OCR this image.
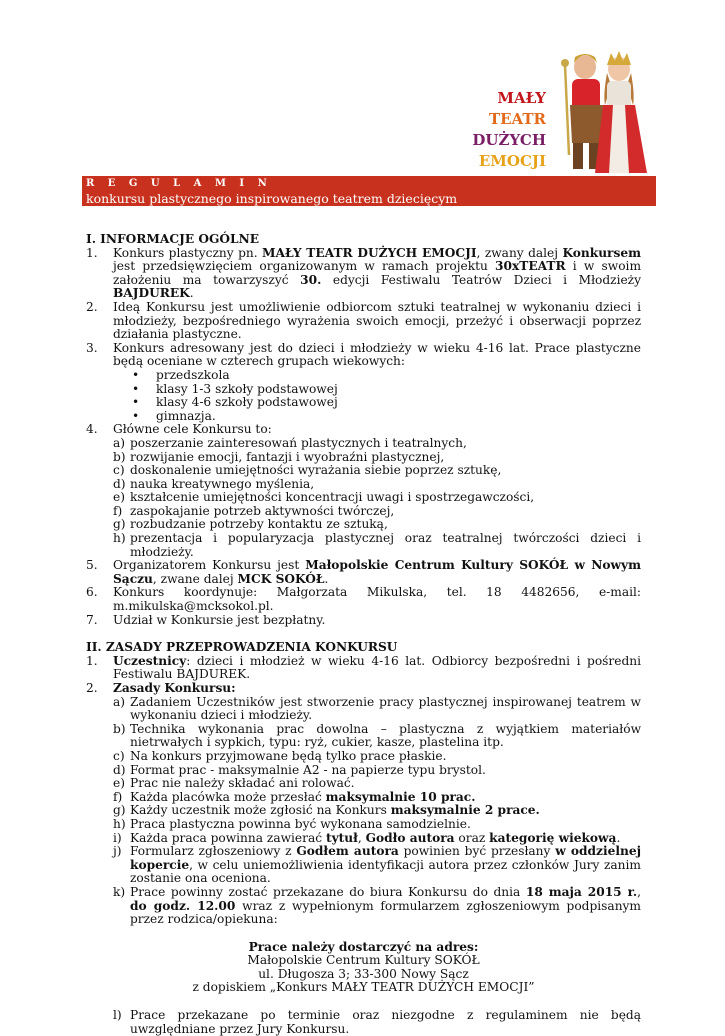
MAŁY
TEATR
DUŻYCH
EMOCJI
R E G U L A M I N
konkursu plastycznego inspirowanego teatrem dziecięcym

I. INFORMACJE OGÓLNE

1. Konkurs plastyczny pn. MAŁY TEATR DUŻYCH EMOCJI, zwany dalej Konkursem jest przedsięwzięciem organizowanym w ramach projektu 30xTEATR i w swoim założeniu ma towarzyszyć 30. edycji Festiwalu Teatrów Dzieci i Młodzieży BAJDUREK.
2. Ideą Konkursu jest umożliwienie odbiorcom sztuki teatralnej w wykonaniu dzieci i młodzieży, bezpośredniego wyrażenia swoich emocji, przeżyć i obserwacji poprzez działania plastyczne.
3. Konkurs adresowany jest do dzieci i młodzieży w wieku 4-16 lat. Prace plastyczne będą oceniane w czterech grupach wiekowych:
• przedszkola
• klasy 1-3 szkoły podstawowej
• klasy 4-6 szkoły podstawowej
• gimnazja.
4. Główne cele Konkursu to:
a) poszerzanie zainteresowań plastycznych i teatralnych,
b) rozwijanie emocji, fantazji i wyobraźni plastycznej,
c) doskonalenie umiejętności wyrażania siebie poprzez sztukę,
d) nauka kreatywnego myślenia,
e) kształcenie umiejętności koncentracji uwagi i spostrzegawczości,
f) zaspokajanie potrzeb aktywności twórczej,
g) rozbudzanie potrzeby kontaktu ze sztuką,
h) prezentacja i popularyzacja plastycznej oraz teatralnej twórczości dzieci i młodzieży.
5. Organizatorem Konkursu jest Małopolskie Centrum Kultury SOKÓŁ w Nowym Sączu, zwane dalej MCK SOKÓŁ.
6. Konkurs koordynuje: Małgorzata Mikulska, tel. 18 4482656, e-mail: m.mikulska@mcksokol.pl.
7. Udział w Konkursie jest bezpłatny.

II. ZASADY PRZEPROWADZENIA KONKURSU

1. Uczestnicy: dzieci i młodzież w wieku 4-16 lat. Odbiorcy bezpośredni i pośredni Festiwalu BAJDUREK.
2. Zasady Konkursu:
a) Zadaniem Uczestników jest stworzenie pracy plastycznej inspirowanej teatrem w wykonaniu dzieci i młodzieży.
b) Technika wykonania prac dowolna – plastyczna z wyjątkiem materiałów nietrwałych i sypkich, typu: ryż, cukier, kasze, plastelina itp.
c) Na konkurs przyjmowane będą tylko prace płaskie.
d) Format prac - maksymalnie A2 - na papierze typu brystol.
e) Prac nie należy składać ani rolować.
f) Każda placówka może przesłać maksymalnie 10 prac.
g) Każdy uczestnik może zgłosić na Konkurs maksymalnie 2 prace.
h) Praca plastyczna powinna być wykonana samodzielnie.
i) Każda praca powinna zawierać tytuł, Godło autora oraz kategorię wiekową.
j) Formularz zgłoszeniowy z Godłem autora powinien być przesłany w oddzielnej kopercie, w celu uniemożliwienia identyfikacji autora przez członków Jury zanim zostanie ona oceniona.
k) Prace powinny zostać przekazane do biura Konkursu do dnia 18 maja 2015 r., do godz. 12.00 wraz z wypełnionym formularzem zgłoszeniowym podpisanym przez rodzica/opiekuna:
Prace należy dostarczyć na adres:
Małopolskie Centrum Kultury SOKÓŁ
ul. Długosza 3; 33-300 Nowy Sącz
z dopiskiem „Konkurs MAŁY TEATR DUŻYCH EMOCJI”
l) Prace przekazane po terminie oraz niezgodne z regulaminem nie będą uwzględniane przez Jury Konkursu.
